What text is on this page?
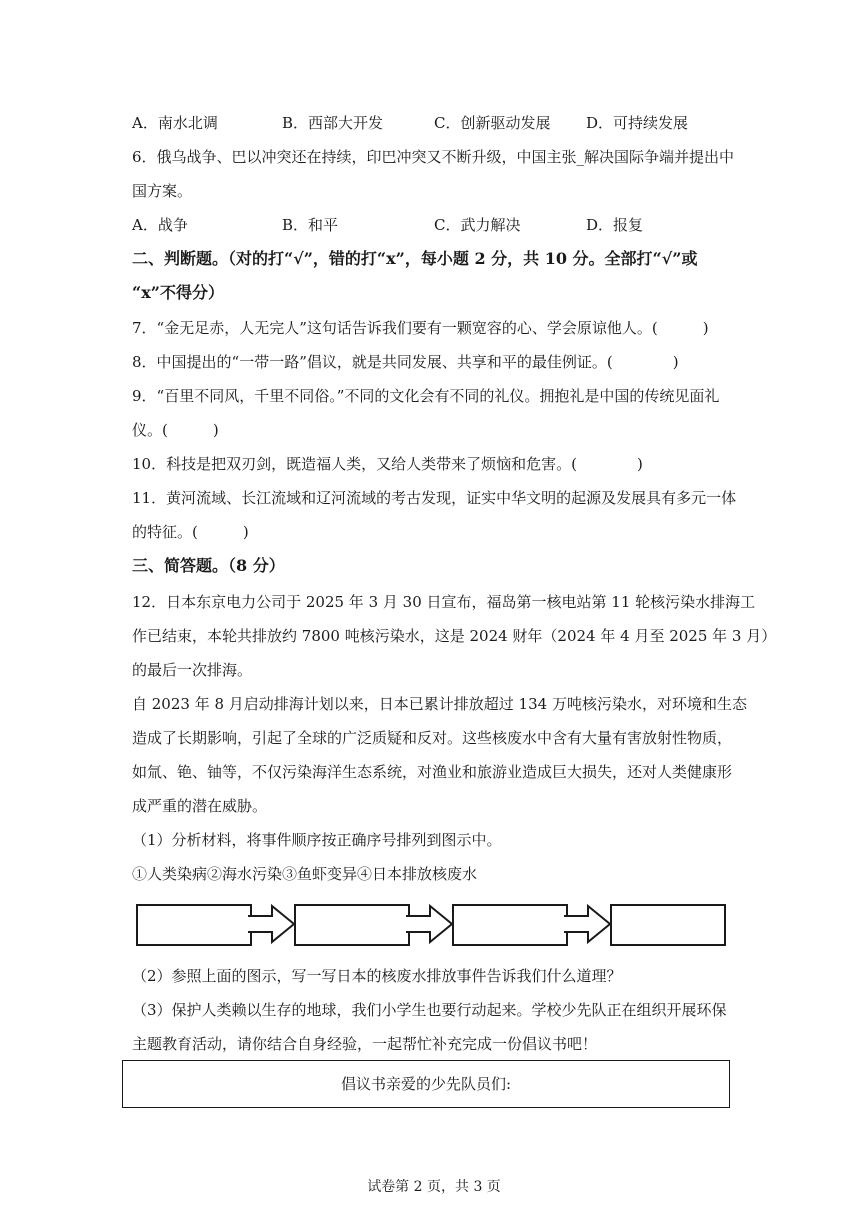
A．南水北调	B．西部大开发	C．创新驱动发展 D．可持续发展
6．俄乌战争、巴以冲突还在持续，印巴冲突又不断升级，中国主张_解决国际争端并提出中
国方案。
A．战争	B．和平	C．武力解决	D．报复
二、判断题。（对的打“√”，错的打“x”，每小题 2 分，共 10 分。全部打“√”或
“x”不得分）
7．“金无足赤，人无完人”这句话告诉我们要有一颗宽容的心、学会原谅他人。(　　　)
8．中国提出的“一带一路”倡议，就是共同发展、共享和平的最佳例证。(　　　　)
9．“百里不同风，千里不同俗。”不同的文化会有不同的礼仪。拥抱礼是中国的传统见面礼
仪。(　　　)
10．科技是把双刃剑，既造福人类，又给人类带来了烦恼和危害。(　　　　)
11．黄河流域、长江流域和辽河流域的考古发现，证实中华文明的起源及发展具有多元一体
的特征。(　　　)
三、简答题。（8 分）
12．日本东京电力公司于 2025 年 3 月 30 日宣布，福岛第一核电站第 11 轮核污染水排海工
作已结束，本轮共排放约 7800 吨核污染水，这是 2024 财年（2024 年 4 月至 2025 年 3 月）
的最后一次排海。
自 2023 年 8 月启动排海计划以来，日本已累计排放超过 134 万吨核污染水，对环境和生态
造成了长期影响，引起了全球的广泛质疑和反对。这些核废水中含有大量有害放射性物质，
如氚、铯、铀等，不仅污染海洋生态系统，对渔业和旅游业造成巨大损失，还对人类健康形
成严重的潜在威胁。
（1）分析材料，将事件顺序按正确序号排列到图示中。
①人类染病②海水污染③鱼虾变异④日本排放核废水
（2）参照上面的图示，写一写日本的核废水排放事件告诉我们什么道理？
（3）保护人类赖以生存的地球，我们小学生也要行动起来。学校少先队正在组织开展环保
主题教育活动，请你结合自身经验，一起帮忙补充完成一份倡议书吧！
倡议书亲爱的少先队员们:
试卷第 2 页，共 3 页
